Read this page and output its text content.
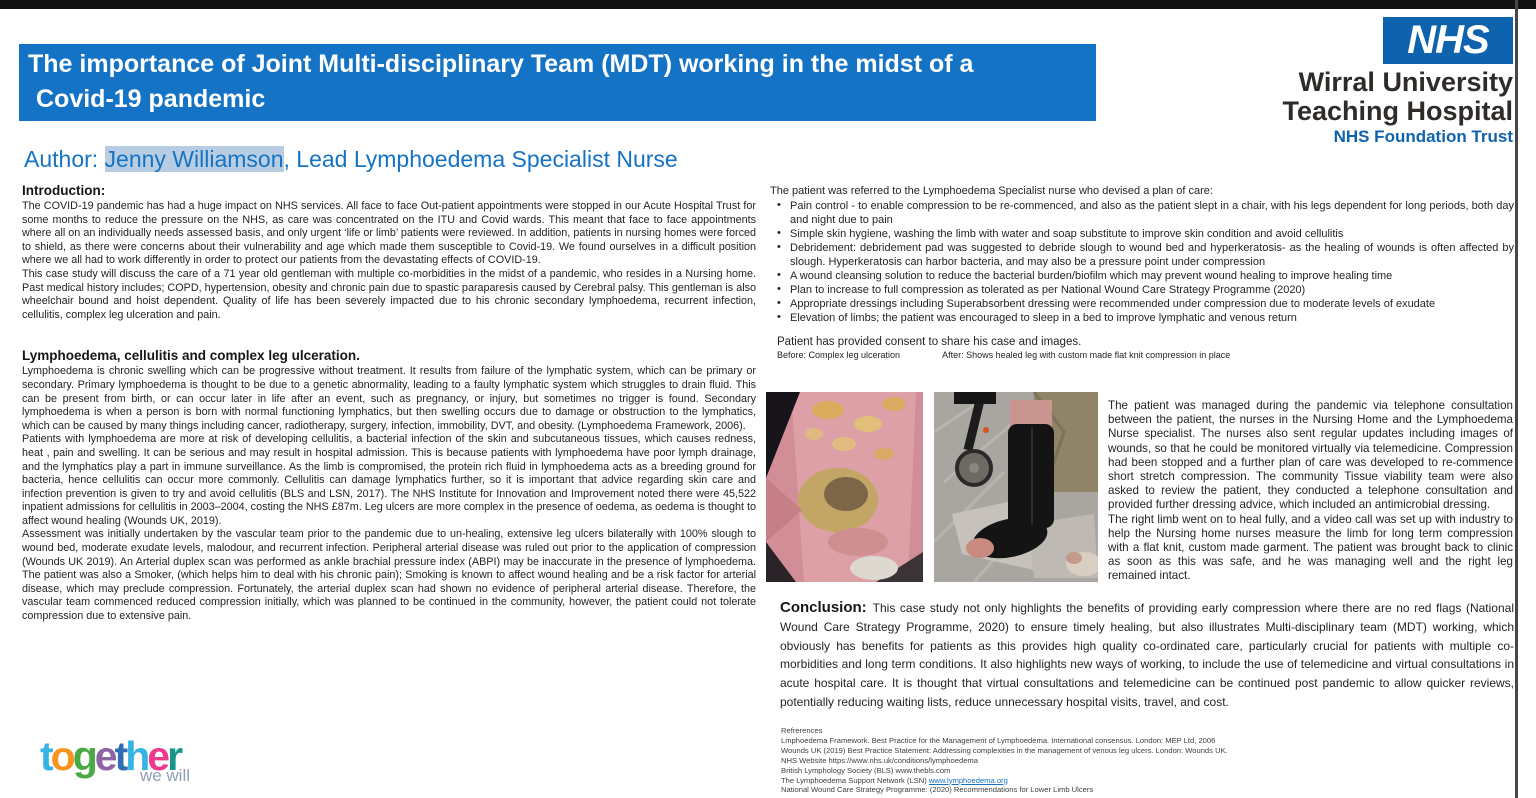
The importance of Joint Multi-disciplinary Team (MDT) working in the midst of a
Covid-19 pandemic
NHS
Wirral University
Teaching Hospital
NHS Foundation Trust
Author: Jenny Williamson, Lead Lymphoedema Specialist Nurse

Introduction:

The COVID-19 pandemic has had a huge impact on NHS services. All face to face Out-patient appointments were stopped in our Acute Hospital Trust for some months to reduce the pressure on the NHS, as care was concentrated on the ITU and Covid wards. This meant that face to face appointments where all on an individually needs assessed basis, and only urgent ‘life or limb’ patients were reviewed. In addition, patients in nursing homes were forced to shield, as there were concerns about their vulnerability and age which made them susceptible to Covid-19. We found ourselves in a difficult position where we all had to work differently in order to protect our patients from the devastating effects of COVID-19.

This case study will discuss the care of a 71 year old gentleman with multiple co-morbidities in the midst of a pandemic, who resides in a Nursing home. Past medical history includes; COPD, hypertension, obesity and chronic pain due to spastic paraparesis caused by Cerebral palsy. This gentleman is also wheelchair bound and hoist dependent. Quality of life has been severely impacted due to his chronic secondary lymphoedema, recurrent infection, cellulitis, complex leg ulceration and pain.

Lymphoedema, cellulitis and complex leg ulceration.

Lymphoedema is chronic swelling which can be progressive without treatment. It results from failure of the lymphatic system, which can be primary or secondary. Primary lymphoedema is thought to be due to a genetic abnormality, leading to a faulty lymphatic system which struggles to drain fluid. This can be present from birth, or can occur later in life after an event, such as pregnancy, or injury, but sometimes no trigger is found. Secondary lymphoedema is when a person is born with normal functioning lymphatics, but then swelling occurs due to damage or obstruction to the lymphatics, which can be caused by many things including cancer, radiotherapy, surgery, infection, immobility, DVT, and obesity. (Lymphoedema Framework, 2006).

Patients with lymphoedema are more at risk of developing cellulitis, a bacterial infection of the skin and subcutaneous tissues, which causes redness, heat , pain and swelling. It can be serious and may result in hospital admission. This is because patients with lymphoedema have poor lymph drainage, and the lymphatics play a part in immune surveillance. As the limb is compromised, the protein rich fluid in lymphoedema acts as a breeding ground for bacteria, hence cellulitis can occur more commonly. Cellulitis can damage lymphatics further, so it is important that advice regarding skin care and infection prevention is given to try and avoid cellulitis (BLS and LSN, 2017). The NHS Institute for Innovation and Improvement noted there were 45,522 inpatient admissions for cellulitis in 2003–2004, costing the NHS £87m. Leg ulcers are more complex in the presence of oedema, as oedema is thought to affect wound healing (Wounds UK, 2019).

Assessment was initially undertaken by the vascular team prior to the pandemic due to un-healing, extensive leg ulcers bilaterally with 100% slough to wound bed, moderate exudate levels, malodour, and recurrent infection. Peripheral arterial disease was ruled out prior to the application of compression (Wounds UK 2019). An Arterial duplex scan was performed as ankle brachial pressure index (ABPI) may be inaccurate in the presence of lymphoedema. The patient was also a Smoker, (which helps him to deal with his chronic pain); Smoking is known to affect wound healing and be a risk factor for arterial disease, which may preclude compression. Fortunately, the arterial duplex scan had shown no evidence of peripheral arterial disease. Therefore, the vascular team commenced reduced compression initially, which was planned to be continued in the community, however, the patient could not tolerate compression due to extensive pain.

The patient was referred to the Lymphoedema Specialist nurse who devised a plan of care:

• Pain control - to enable compression to be re-commenced, and also as the patient slept in a chair, with his legs dependent for long periods, both day and night due to pain
• Simple skin hygiene, washing the limb with water and soap substitute to improve skin condition and avoid cellulitis
• Debridement: debridement pad was suggested to debride slough to wound bed and hyperkeratosis- as the healing of wounds is often affected by slough. Hyperkeratosis can harbor bacteria, and may also be a pressure point under compression
• A wound cleansing solution to reduce the bacterial burden/biofilm which may prevent wound healing to improve healing time
• Plan to increase to full compression as tolerated as per National Wound Care Strategy Programme (2020)
• Appropriate dressings including Superabsorbent dressing were recommended under compression due to moderate levels of exudate
• Elevation of limbs; the patient was encouraged to sleep in a bed to improve lymphatic and venous return

Patient has provided consent to share his case and images.

Before: Complex leg ulceration	After: Shows healed leg with custom made flat knit compression in place

The patient was managed during the pandemic via telephone consultation between the patient, the nurses in the Nursing Home and the Lymphoedema Nurse specialist. The nurses also sent regular updates including images of wounds, so that he could be monitored virtually via telemedicine. Compression had been stopped and a further plan of care was developed to re-commence short stretch compression. The community Tissue viability team were also asked to review the patient, they conducted a telephone consultation and provided further dressing advice, which included an antimicrobial dressing.

The right limb went on to heal fully, and a video call was set up with industry to help the Nursing home nurses measure the limb for long term compression with a flat knit, custom made garment. The patient was brought back to clinic as soon as this was safe, and he was managing well and the right leg remained intact.

Conclusion: This case study not only highlights the benefits of providing early compression where there are no red flags (National Wound Care Strategy Programme, 2020) to ensure timely healing, but also illustrates Multi-disciplinary team (MDT) working, which obviously has benefits for patients as this provides high quality co-ordinated care, particularly crucial for patients with multiple co-morbidities and long term conditions. It also highlights new ways of working, to include the use of telemedicine and virtual consultations in acute hospital care. It is thought that virtual consultations and telemedicine can be continued post pandemic to allow quicker reviews, potentially reducing waiting lists, reduce unnecessary hospital visits, travel, and cost.
Refrerences
Lmphoedema Framework. Best Practice for the Management of Lymphoedema. International consensus. London: MEP Ltd, 2006
Wounds UK (2019) Best Practice Statement: Addressing complexities in the management of venous leg ulcers. London: Wounds UK.
NHS Website https://www.nhs.uk/conditions/lymphoedema
British Lymphology Society (BLS) www.thebls.com
The Lymphoedema Support Network (LSN) www.lymphoedema.org
National Wound Care Strategy Programme: (2020) Recommendations for Lower Limb Ulcers
together
we will
